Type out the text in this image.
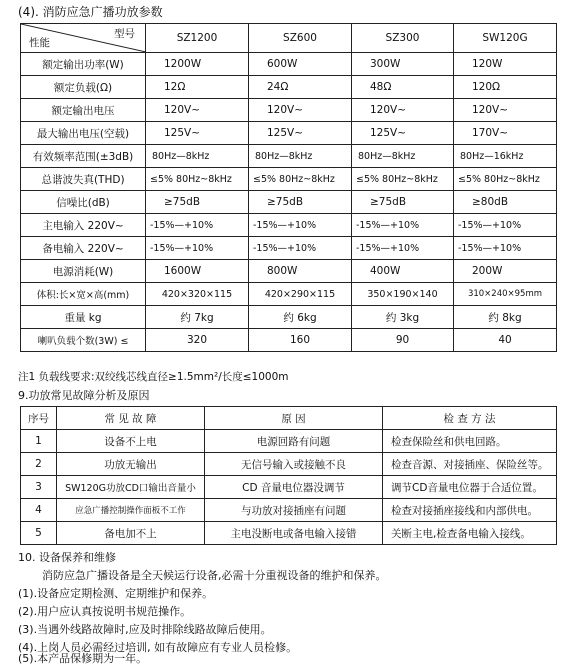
(4). 消防应急广播功放参数
型号
性能	SZ1200	SZ600	SZ300	SW120G
额定输出功率(W)	1200W	600W	300W	120W
额定负载(Ω)	12Ω	24Ω	48Ω	120Ω
额定输出电压	120V~	120V~	120V~	120V~
最大输出电压(空载)	125V~	125V~	125V~	170V~
有效频率范围(±3dB)	80Hz—8kHz	80Hz—8kHz	80Hz—8kHz	80Hz—16kHz
总谐波失真(THD)	≤5% 80Hz~8kHz	≤5% 80Hz~8kHz	≤5% 80Hz~8kHz	≤5% 80Hz~8kHz
信噪比(dB)	≥75dB	≥75dB	≥75dB	≥80dB
主电输入 220V~	-15%—+10%	-15%—+10%	-15%—+10%	-15%—+10%
备电输入 220V~	-15%—+10%	-15%—+10%	-15%—+10%	-15%—+10%
电源消耗(W)	1600W	800W	400W	200W
体积:长×宽×高(mm)	420×320×115	420×290×115	350×190×140	310×240×95mm
重量 kg	约 7kg	约 6kg	约 3kg	约 8kg
喇叭负载个数(3W) ≤	320	160	90	40
注1 负载线要求:双绞线芯线直径≥1.5mm²/长度≤1000m
9.功放常见故障分析及原因
序号	常 见 故 障	原 因	检 查 方 法
1	设备不上电	电源回路有问题	检查保险丝和供电回路。
2	功放无输出	无信号输入或接触不良	检查音源、对接插座、保险丝等。
3	SW120G功放CD口输出音量小	CD 音量电位器没调节	调节CD音量电位器于合适位置。
4	应急广播控制操作面板不工作	与功放对接插座有问题	检查对接插座接线和内部供电。
5	备电加不上	主电没断电或备电输入接错	关断主电,检查备电输入接线。
10. 设备保养和维修
消防应急广播设备是全天候运行设备,必需十分重视设备的维护和保养。
(1).设备应定期检测、定期维护和保养。
(2).用户应认真按说明书规范操作。
(3).当遇外线路故障时,应及时排除线路故障后使用。
(4).上岗人员必需经过培训, 如有故障应有专业人员检修。
(5).本产品保修期为一年。
